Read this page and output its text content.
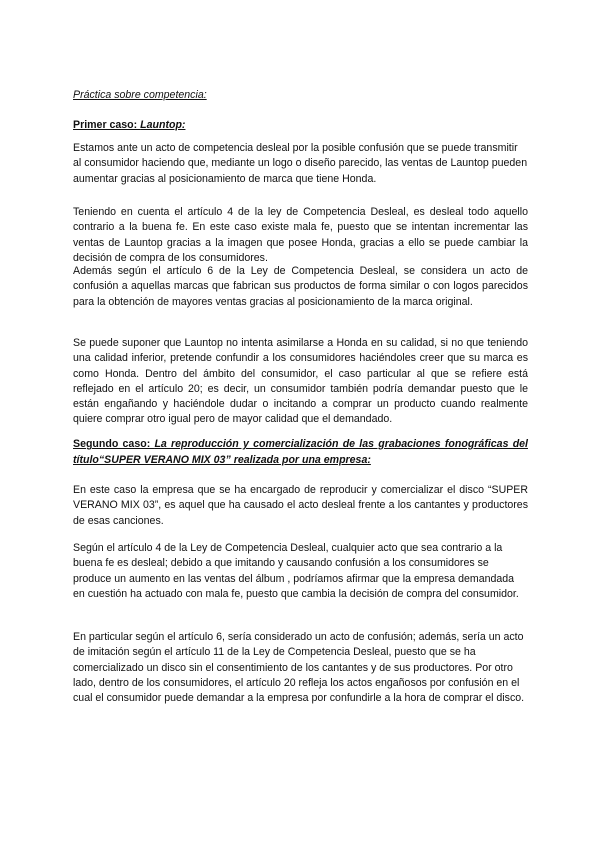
Práctica sobre competencia:
Primer caso: Launtop:
Estamos ante un acto de competencia desleal por la posible confusión que se puede transmitir al consumidor haciendo que, mediante un logo o diseño parecido, las ventas de Launtop pueden aumentar gracias al posicionamiento de marca que tiene Honda.
Teniendo en cuenta el artículo 4 de la ley de Competencia Desleal, es desleal todo aquello contrario a la buena fe. En este caso existe mala fe, puesto que se intentan incrementar las ventas de Launtop gracias a la imagen que posee Honda, gracias a ello se puede cambiar la decisión de compra de los consumidores.
Además según el artículo 6 de la Ley de Competencia Desleal, se considera un acto de confusión a aquellas marcas que fabrican sus productos de forma similar o con logos parecidos para la obtención de mayores ventas gracias al posicionamiento de la marca original.
Se puede suponer que Launtop no intenta asimilarse a Honda en su calidad, si no que teniendo una calidad inferior, pretende confundir a los consumidores haciéndoles creer que su marca es como Honda. Dentro del ámbito del consumidor, el caso particular al que se refiere está reflejado en el artículo 20; es decir, un consumidor también podría demandar puesto que le están engañando y haciéndole dudar o incitando a comprar un producto cuando realmente quiere comprar otro igual pero de mayor calidad que el demandado.
Segundo caso: La reproducción y comercialización de las grabaciones fonográficas del título“SUPER VERANO MIX 03” realizada por una empresa:
En este caso la empresa que se ha encargado de reproducir y comercializar el disco “SUPER VERANO MIX 03”, es aquel que ha causado el acto desleal frente a los cantantes y productores de esas canciones.
Según el artículo 4 de la Ley de Competencia Desleal, cualquier acto que sea contrario a la buena fe es desleal; debido a que imitando y causando confusión a los consumidores se produce un aumento en las ventas del álbum , podríamos afirmar que la empresa demandada en cuestión ha actuado con mala fe, puesto que cambia la decisión de compra del consumidor.
En particular según el artículo 6, sería considerado un acto de confusión; además, sería un acto de imitación según el artículo 11 de la Ley de Competencia Desleal, puesto que se ha comercializado un disco sin el consentimiento de los cantantes y de sus productores. Por otro lado, dentro de los consumidores, el artículo 20 refleja los actos engañosos por confusión en el cual el consumidor puede demandar a la empresa por confundirle a la hora de comprar el disco.
